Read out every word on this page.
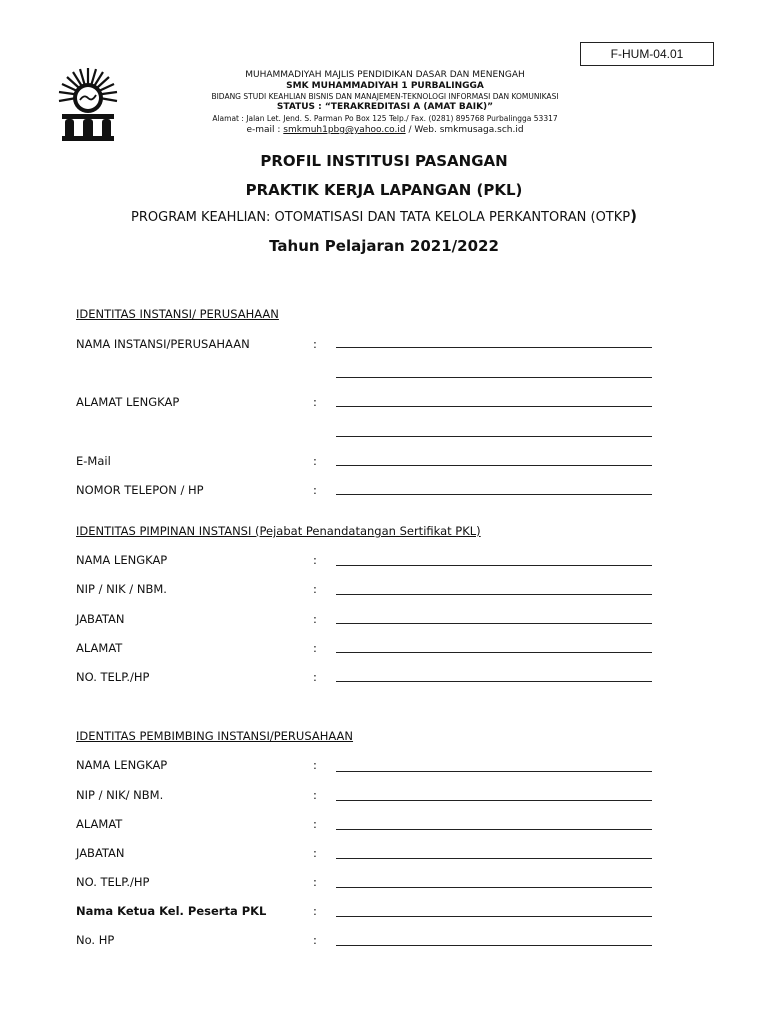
F-HUM-04.01
MUHAMMADIYAH MAJLIS PENDIDIKAN DASAR DAN MENENGAH
SMK MUHAMMADIYAH 1 PURBALINGGA
BIDANG STUDI KEAHLIAN BISNIS DAN MANAJEMEN-TEKNOLOGI INFORMASI DAN KOMUNIKASI
STATUS : “TERAKREDITASI A (AMAT BAIK)”
Alamat : Jalan Let. Jend. S. Parman Po Box 125 Telp./ Fax. (0281) 895768 Purbalingga 53317
e-mail : smkmuh1pbg@yahoo.co.id / Web. smkmusaga.sch.id
PROFIL INSTITUSI PASANGAN
PRAKTIK KERJA LAPANGAN (PKL)
PROGRAM KEAHLIAN: OTOMATISASI DAN TATA KELOLA PERKANTORAN (OTKP)
Tahun Pelajaran 2021/2022
IDENTITAS INSTANSI/ PERUSAHAAN
NAMA INSTANSI/PERUSAHAAN	:
ALAMAT LENGKAP	:
E-Mail	:
NOMOR TELEPON / HP	:
IDENTITAS PIMPINAN INSTANSI (Pejabat Penandatangan Sertifikat PKL)
NAMA LENGKAP	:
NIP / NIK / NBM.	:
JABATAN	:
ALAMAT	:
NO. TELP./HP	:
IDENTITAS PEMBIMBING INSTANSI/PERUSAHAAN
NAMA LENGKAP	:
NIP / NIK/ NBM.	:
ALAMAT	:
JABATAN	:
NO. TELP./HP	:
Nama Ketua Kel. Peserta PKL	:
No. HP	:
